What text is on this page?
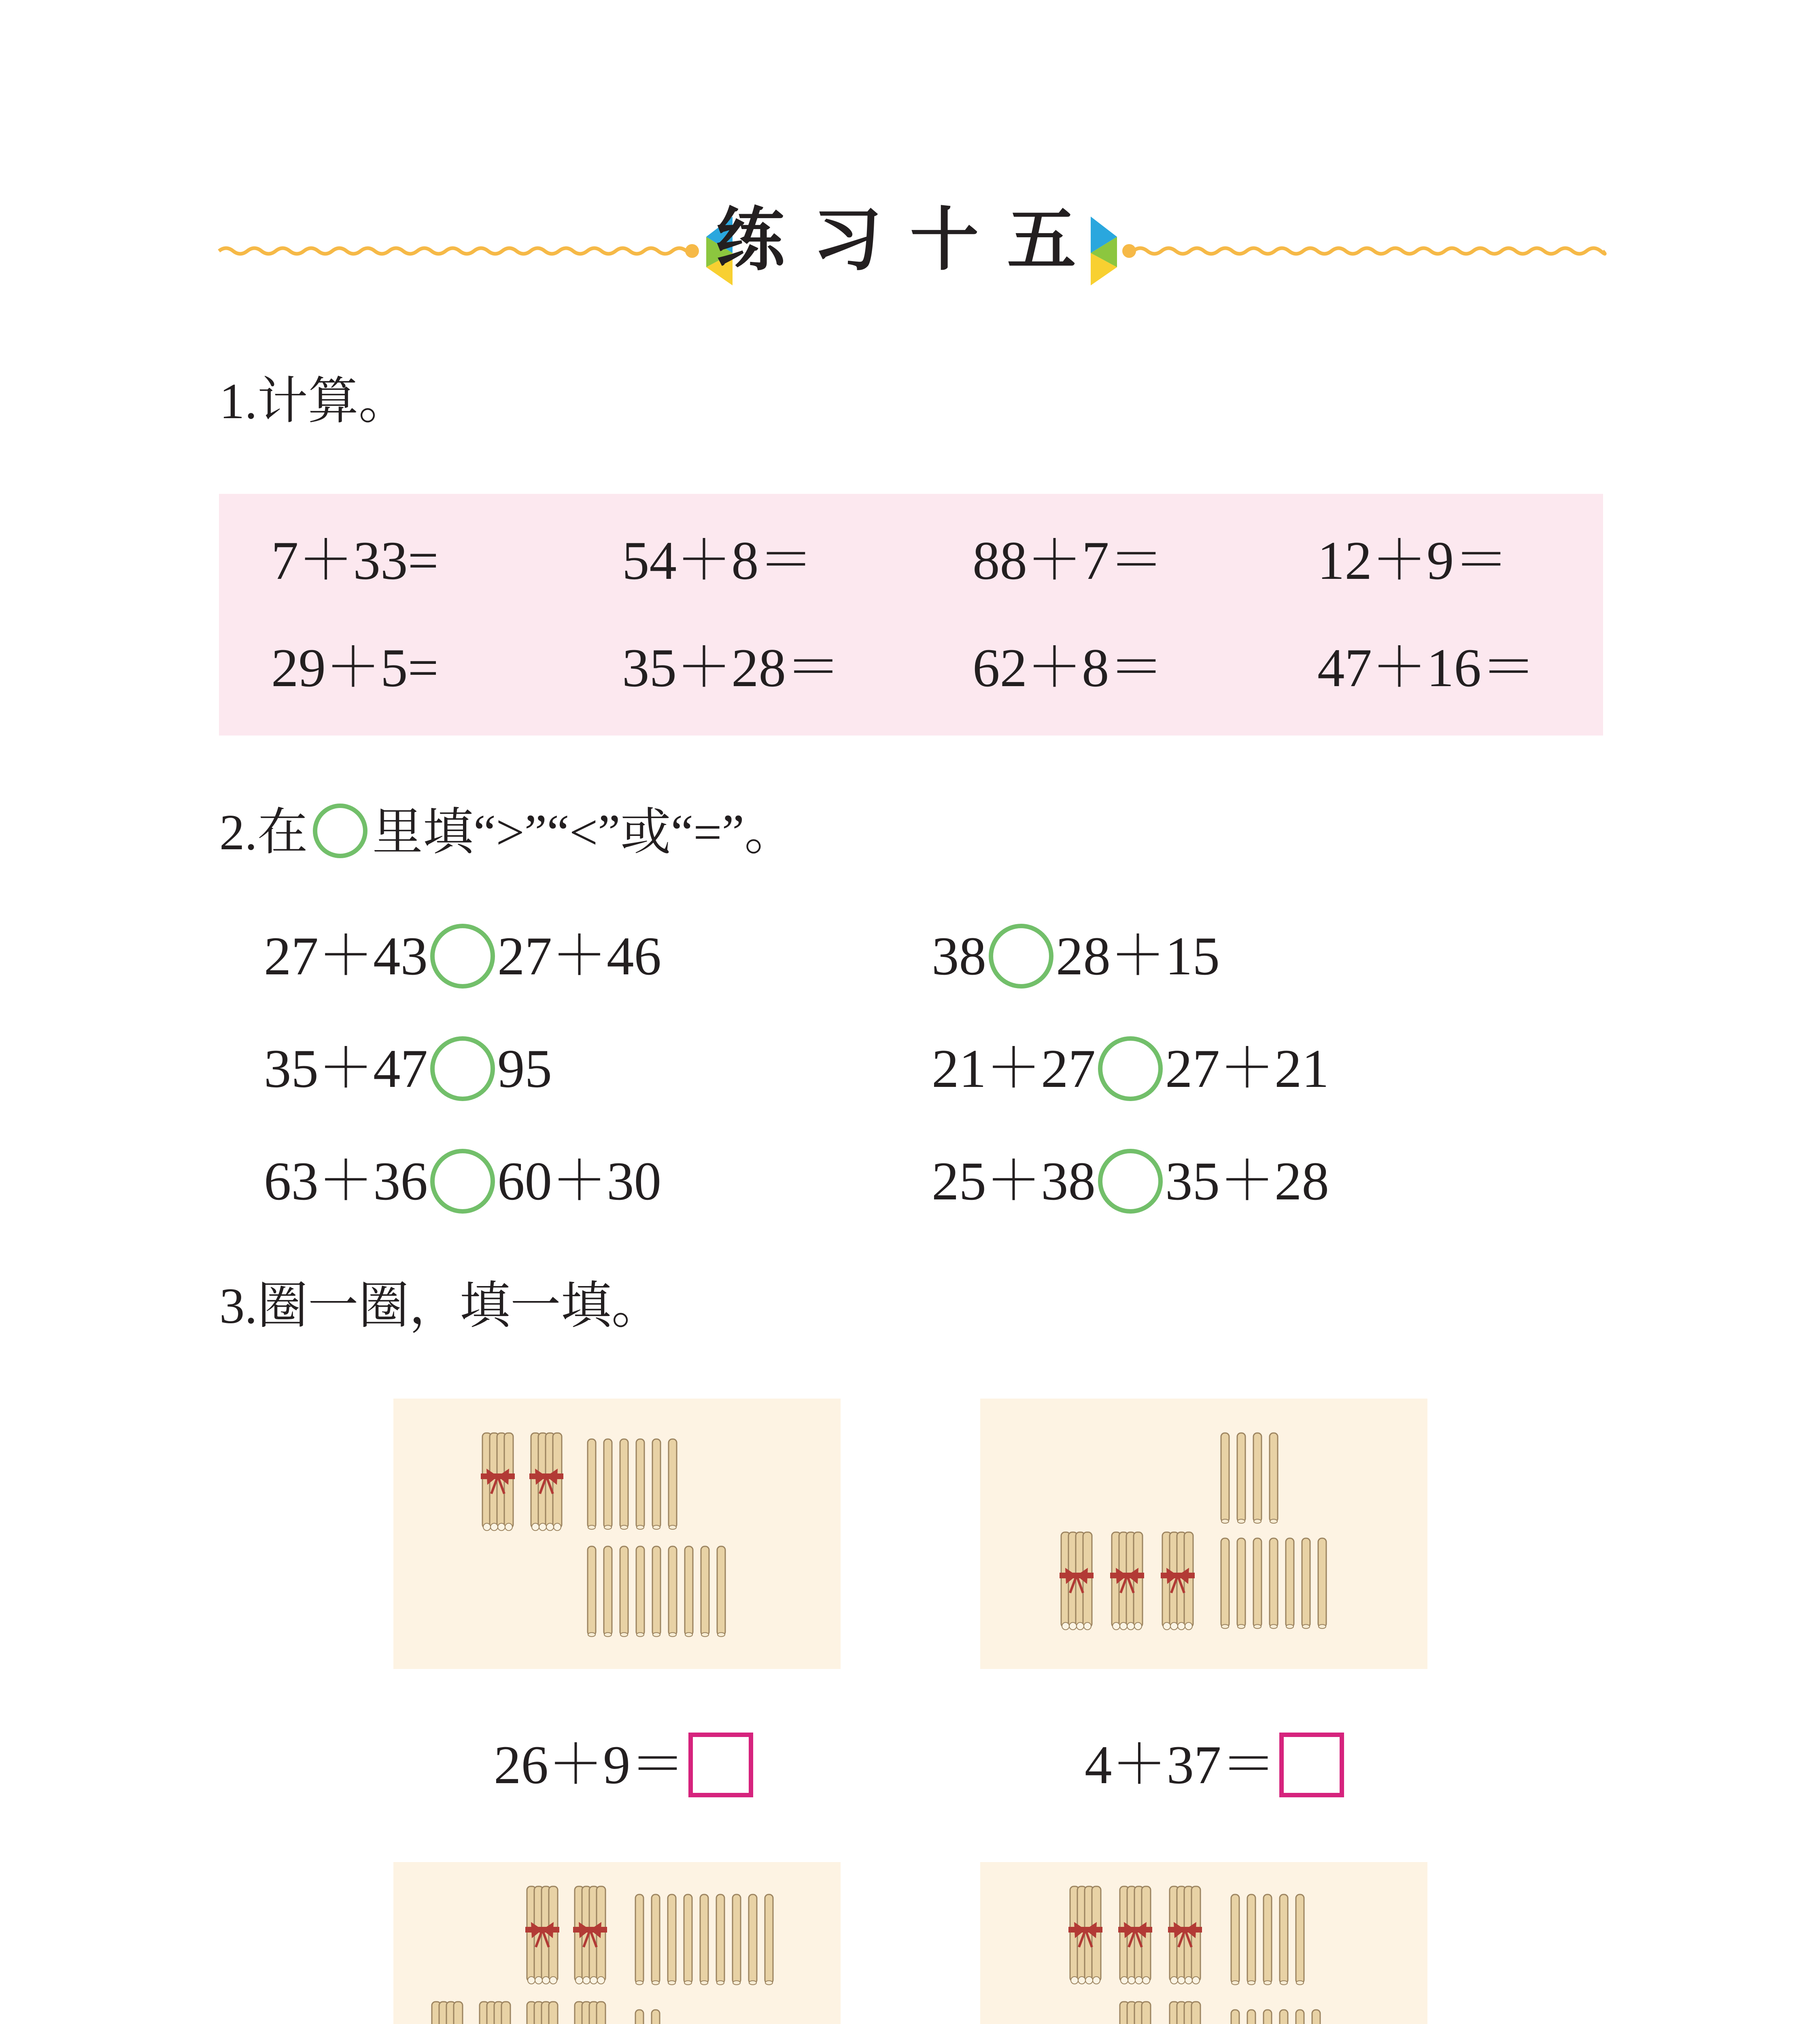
练习十五
1.计算。
7＋33=	54＋8＝	88＋7＝	12＋9＝
29＋5=	35＋28＝ 62＋8＝	47＋16＝
2.在 里填“>”“<”或“=”。
27＋43 27＋46	38 28＋15
35＋47 95	21＋27 27＋21
63＋36 60＋30	25＋38 35＋28
3.圈一圈，填一填。
26＋9＝	4＋37＝
